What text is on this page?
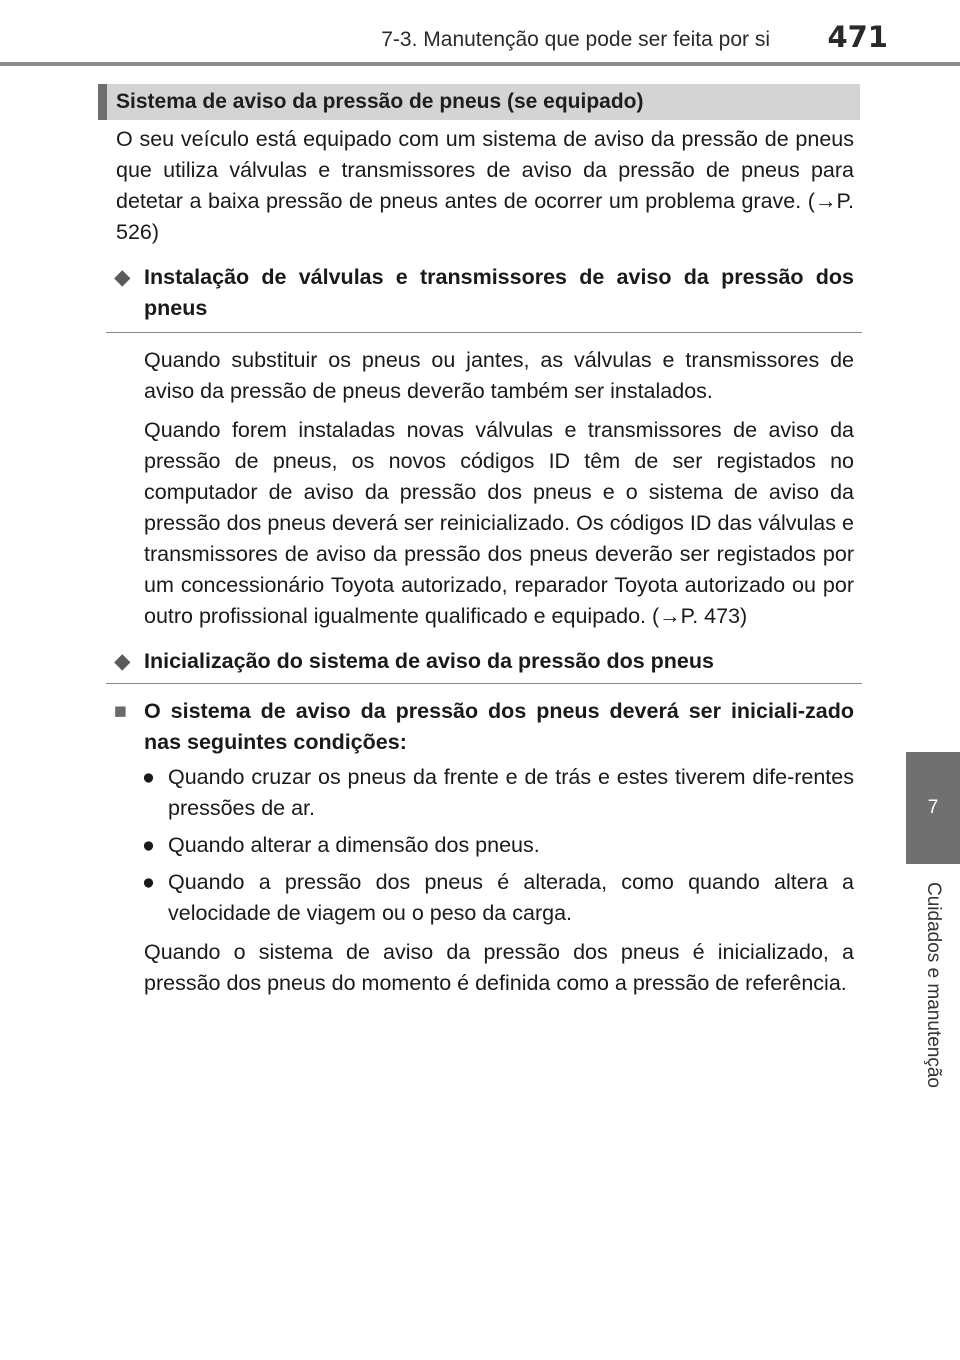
7-3. Manutenção que pode ser feita por si 471
7
Cuidados e manutenção
Sistema de aviso da pressão de pneus (se equipado)

O seu veículo está equipado com um sistema de aviso da pressão de pneus que utiliza válvulas e transmissores de aviso da pressão de pneus para detetar a baixa pressão de pneus antes de ocorrer um problema grave. (→P. 526)

◆ Instalação de válvulas e transmissores de aviso da pressão dos pneus

Quando substituir os pneus ou jantes, as válvulas e transmissores de aviso da pressão de pneus deverão também ser instalados.

Quando forem instaladas novas válvulas e transmissores de aviso da pressão de pneus, os novos códigos ID têm de ser registados no computador de aviso da pressão dos pneus e o sistema de aviso da pressão dos pneus deverá ser reinicializado. Os códigos ID das válvulas e transmissores de aviso da pressão dos pneus deverão ser registados por um concessionário Toyota autorizado, reparador Toyota autorizado ou por outro profissional igualmente qualificado e equipado. (→P. 473)

◆ Inicialização do sistema de aviso da pressão dos pneus
■ O sistema de aviso da pressão dos pneus deverá ser iniciali-zado nas seguintes condições:
● Quando cruzar os pneus da frente e de trás e estes tiverem dife-rentes pressões de ar.
● Quando alterar a dimensão dos pneus.
● Quando a pressão dos pneus é alterada, como quando altera a velocidade de viagem ou o peso da carga.

Quando o sistema de aviso da pressão dos pneus é inicializado, a pressão dos pneus do momento é definida como a pressão de referência.
